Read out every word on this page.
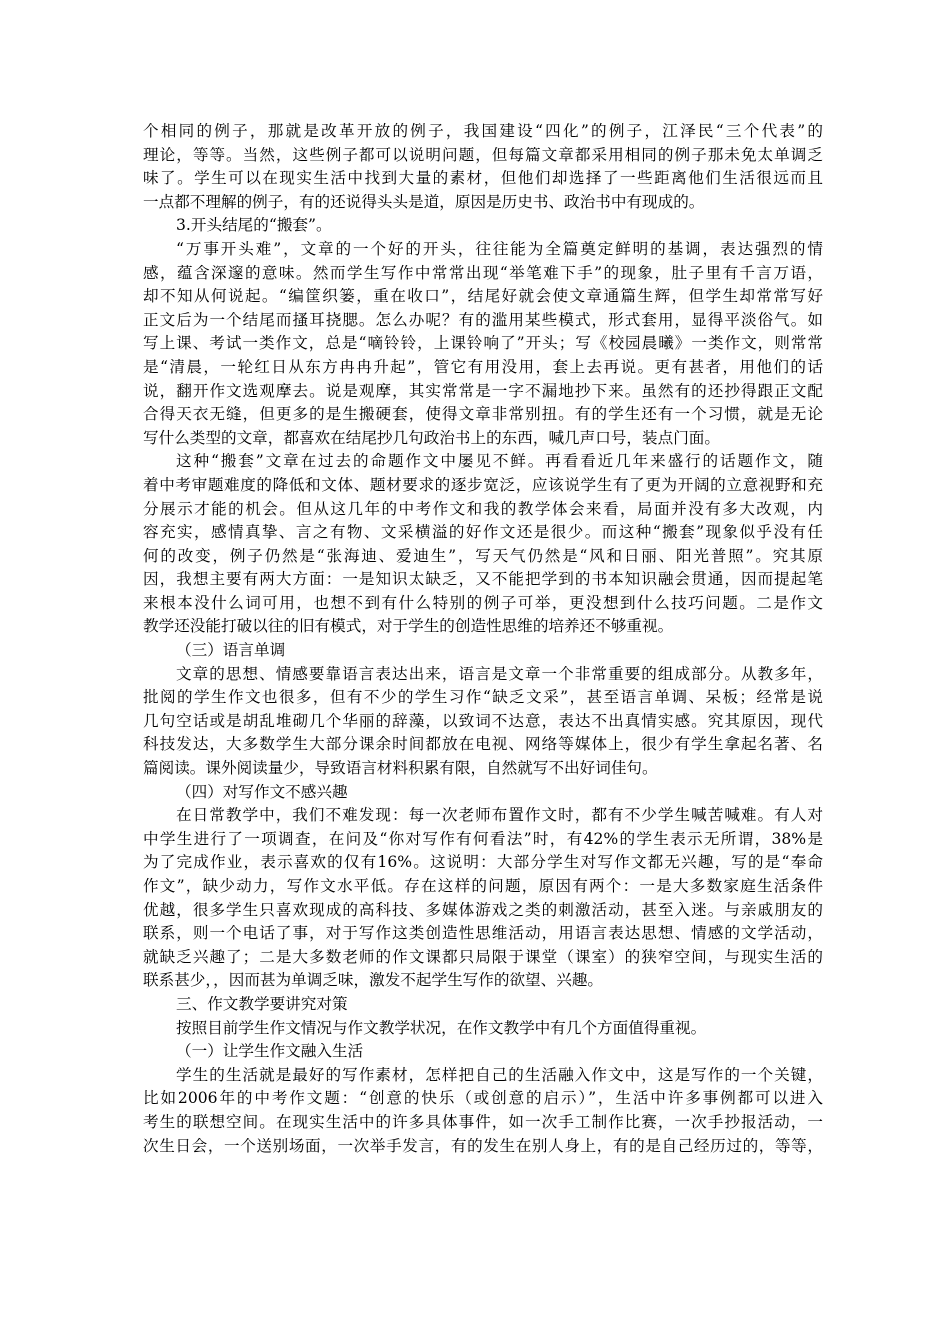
个相同的例子，那就是改革开放的例子，我国建设“四化”的例子，江泽民“三个代表”的
理论，等等。当然，这些例子都可以说明问题，但每篇文章都采用相同的例子那未免太单调乏
味了。学生可以在现实生活中找到大量的素材，但他们却选择了一些距离他们生活很远而且
一点都不理解的例子，有的还说得头头是道，原因是历史书、政治书中有现成的。
3.开头结尾的“搬套”。
“万事开头难”，文章的一个好的开头，往往能为全篇奠定鲜明的基调，表达强烈的情
感，蕴含深邃的意味。然而学生写作中常常出现“举笔难下手”的现象，肚子里有千言万语，
却不知从何说起。“编筐织篓，重在收口”，结尾好就会使文章通篇生辉，但学生却常常写好
正文后为一个结尾而搔耳挠腮。怎么办呢？有的滥用某些模式，形式套用，显得平淡俗气。如
写上课、考试一类作文，总是“嘀铃铃，上课铃响了”开头；写《校园晨曦》一类作文，则常常
是“清晨，一轮红日从东方冉冉升起”，管它有用没用，套上去再说。更有甚者，用他们的话
说，翻开作文选观摩去。说是观摩，其实常常是一字不漏地抄下来。虽然有的还抄得跟正文配
合得天衣无缝，但更多的是生搬硬套，使得文章非常别扭。有的学生还有一个习惯，就是无论
写什么类型的文章，都喜欢在结尾抄几句政治书上的东西，喊几声口号，装点门面。
这种“搬套”文章在过去的命题作文中屡见不鲜。再看看近几年来盛行的话题作文，随
着中考审题难度的降低和文体、题材要求的逐步宽泛，应该说学生有了更为开阔的立意视野和充
分展示才能的机会。但从这几年的中考作文和我的教学体会来看，局面并没有多大改观，内
容充实，感情真挚、言之有物、文采横溢的好作文还是很少。而这种“搬套”现象似乎没有任
何的改变，例子仍然是“张海迪、爱迪生”，写天气仍然是“风和日丽、阳光普照”。究其原
因，我想主要有两大方面：一是知识太缺乏，又不能把学到的书本知识融会贯通，因而提起笔
来根本没什么词可用，也想不到有什么特别的例子可举，更没想到什么技巧问题。二是作文
教学还没能打破以往的旧有模式，对于学生的创造性思维的培养还不够重视。
（三）语言单调
文章的思想、情感要靠语言表达出来，语言是文章一个非常重要的组成部分。从教多年，
批阅的学生作文也很多，但有不少的学生习作“缺乏文采”，甚至语言单调、呆板；经常是说
几句空话或是胡乱堆砌几个华丽的辞藻，以致词不达意，表达不出真情实感。究其原因，现代
科技发达，大多数学生大部分课余时间都放在电视、网络等媒体上，很少有学生拿起名著、名
篇阅读。课外阅读量少，导致语言材料积累有限，自然就写不出好词佳句。
（四）对写作文不感兴趣
在日常教学中，我们不难发现：每一次老师布置作文时，都有不少学生喊苦喊难。有人对
中学生进行了一项调查，在问及“你对写作有何看法”时，有42%的学生表示无所谓，38%是
为了完成作业，表示喜欢的仅有16%。这说明：大部分学生对写作文都无兴趣，写的是“奉命
作文”，缺少动力，写作文水平低。存在这样的问题，原因有两个：一是大多数家庭生活条件
优越，很多学生只喜欢现成的高科技、多媒体游戏之类的刺激活动，甚至入迷。与亲戚朋友的
联系，则一个电话了事，对于写作这类创造性思维活动，用语言表达思想、情感的文学活动，
就缺乏兴趣了；二是大多数老师的作文课都只局限于课堂（课室）的狭窄空间，与现实生活的
联系甚少，，因而甚为单调乏味，激发不起学生写作的欲望、兴趣。
三、作文教学要讲究对策
按照目前学生作文情况与作文教学状况，在作文教学中有几个方面值得重视。
（一）让学生作文融入生活
学生的生活就是最好的写作素材，怎样把自己的生活融入作文中，这是写作的一个关键，
比如2006年的中考作文题：“创意的快乐（或创意的启示）”，生活中许多事例都可以进入
考生的联想空间。在现实生活中的许多具体事件，如一次手工制作比赛，一次手抄报活动，一
次生日会，一个送别场面，一次举手发言，有的发生在别人身上，有的是自己经历过的，等等，
